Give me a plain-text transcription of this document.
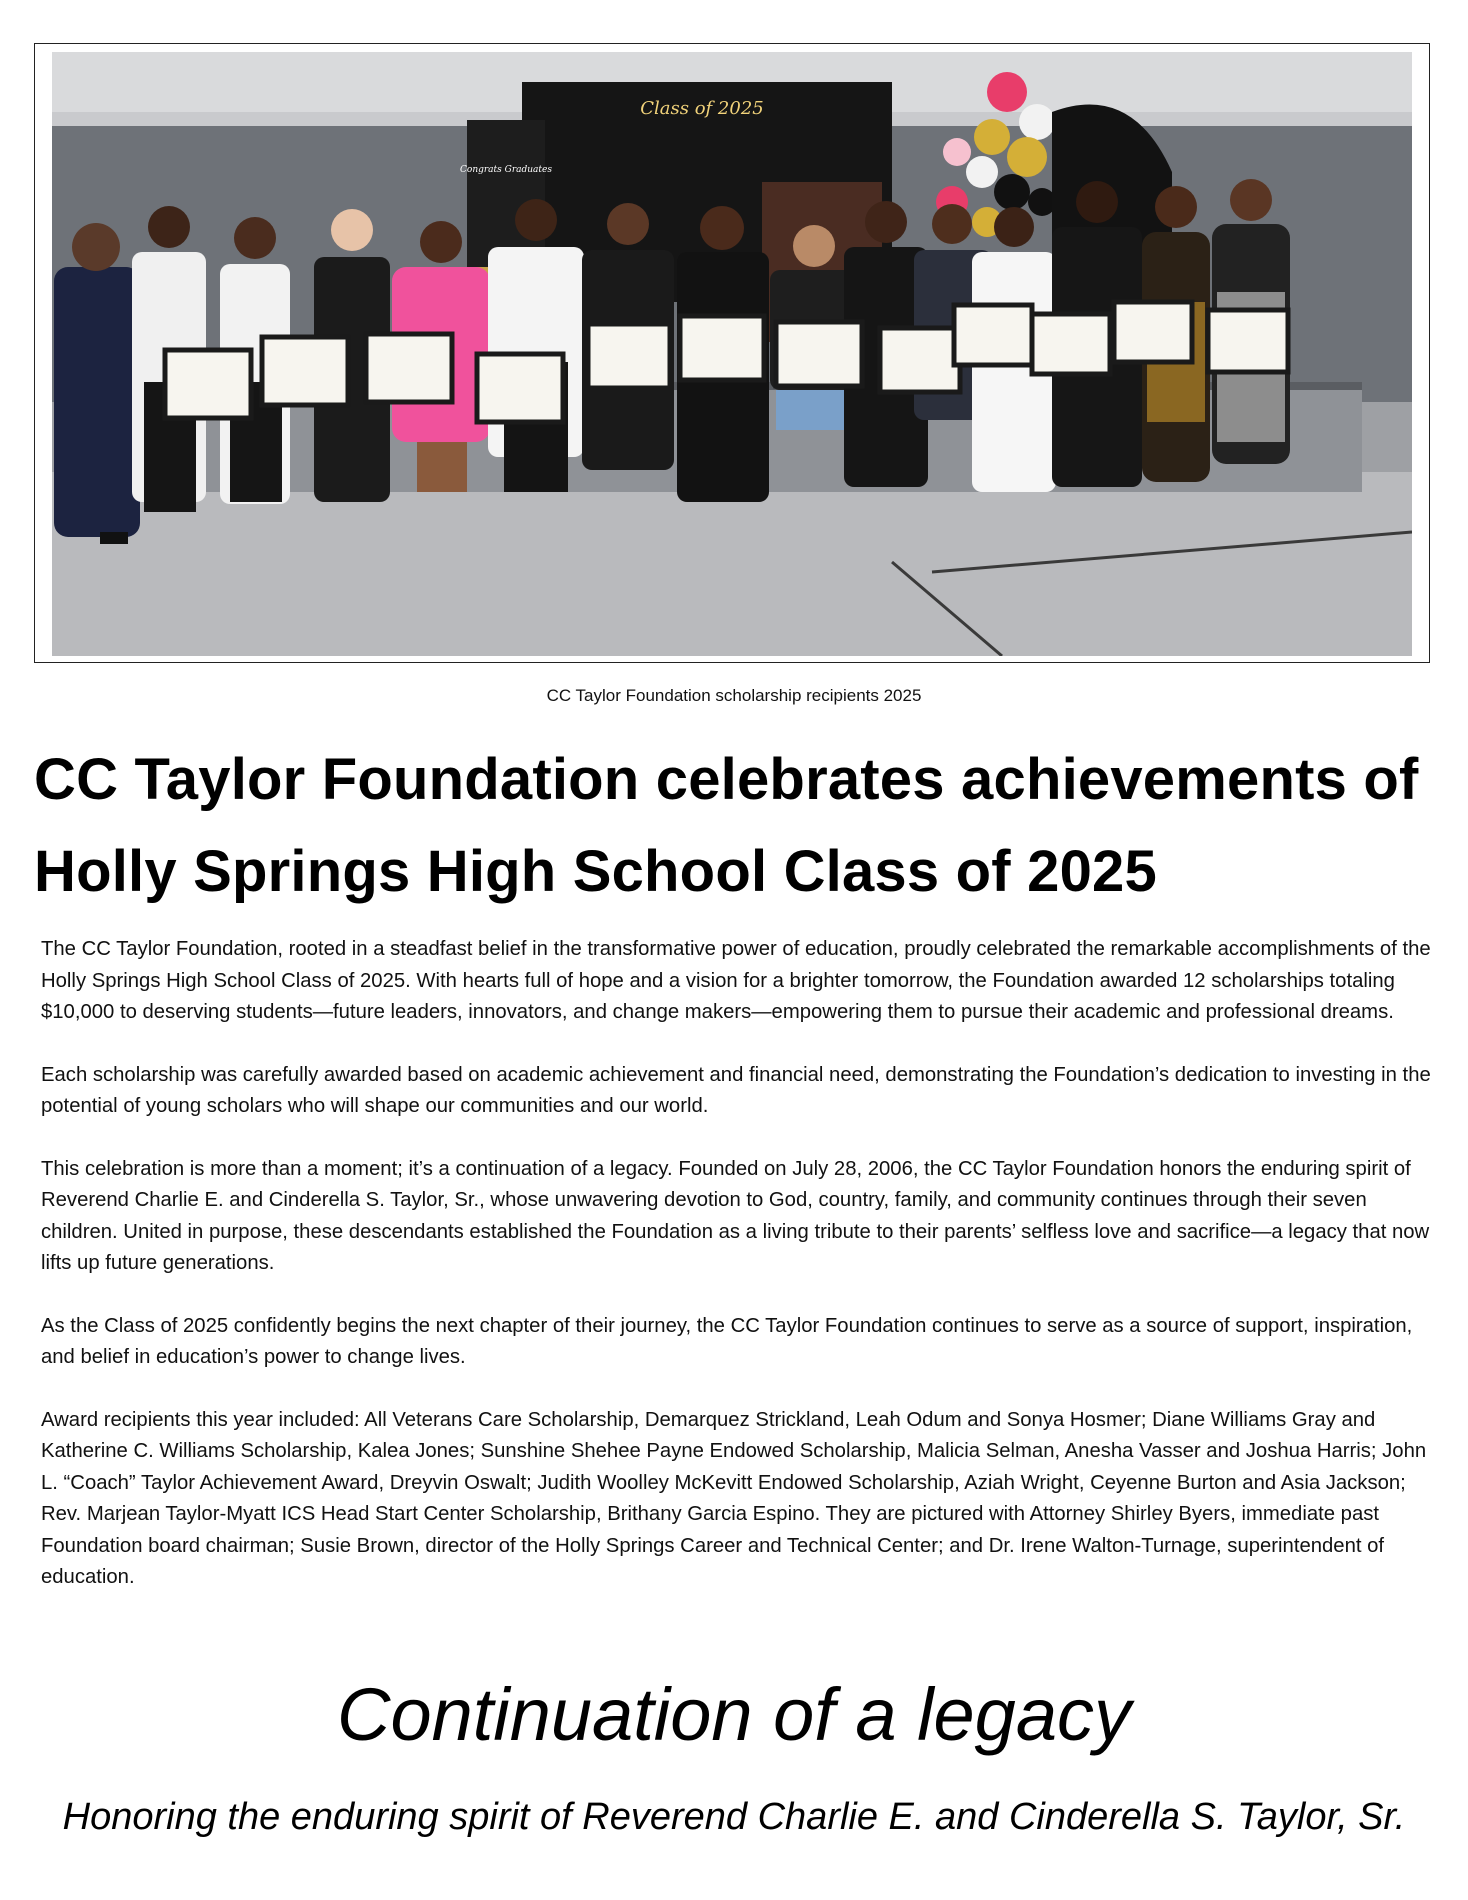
Class of 2025
Congrats Graduates
CC Taylor Foundation scholarship recipients 2025
CC Taylor Foundation celebrates achievements of Holly Springs High School Class of 2025

The CC Taylor Foundation, rooted in a steadfast belief in the transformative power of education, proudly celebrated the remarkable accomplishments of the Holly Springs High School Class of 2025. With hearts full of hope and a vision for a brighter tomorrow, the Foundation awarded 12 scholarships totaling $10,000 to deserving students—future leaders, innovators, and change makers—empowering them to pursue their academic and professional dreams.

Each scholarship was carefully awarded based on academic achievement and financial need, demonstrating the Foundation’s dedication to investing in the potential of young scholars who will shape our communities and our world.

This celebration is more than a moment; it’s a continuation of a legacy. Founded on July 28, 2006, the CC Taylor Foundation honors the enduring spirit of Reverend Charlie E. and Cinderella S. Taylor, Sr., whose unwavering devotion to God, country, family, and community continues through their seven children. United in purpose, these descendants established the Foundation as a living tribute to their parents’ selfless love and sacrifice—a legacy that now lifts up future generations.

As the Class of 2025 confidently begins the next chapter of their journey, the CC Taylor Foundation continues to serve as a source of support, inspiration, and belief in education’s power to change lives.

Award recipients this year included: All Veterans Care Scholarship, Demarquez Strickland, Leah Odum and Sonya Hosmer; Diane Williams Gray and Katherine C. Williams Scholarship, Kalea Jones; Sunshine Shehee Payne Endowed Scholarship, Malicia Selman, Anesha Vasser and Joshua Harris; John L. “Coach” Taylor Achievement Award, Dreyvin Oswalt; Judith Woolley McKevitt Endowed Scholarship, Aziah Wright, Ceyenne Burton and Asia Jackson; Rev. Marjean Taylor-Myatt ICS Head Start Center Scholarship, Brithany Garcia Espino. They are pictured with Attorney Shirley Byers, immediate past Foundation board chairman; Susie Brown, director of the Holly Springs Career and Technical Center; and Dr. Irene Walton-Turnage, superintendent of education.

Continuation of a legacy
Honoring the enduring spirit of Reverend Charlie E. and Cinderella S. Taylor, Sr.
